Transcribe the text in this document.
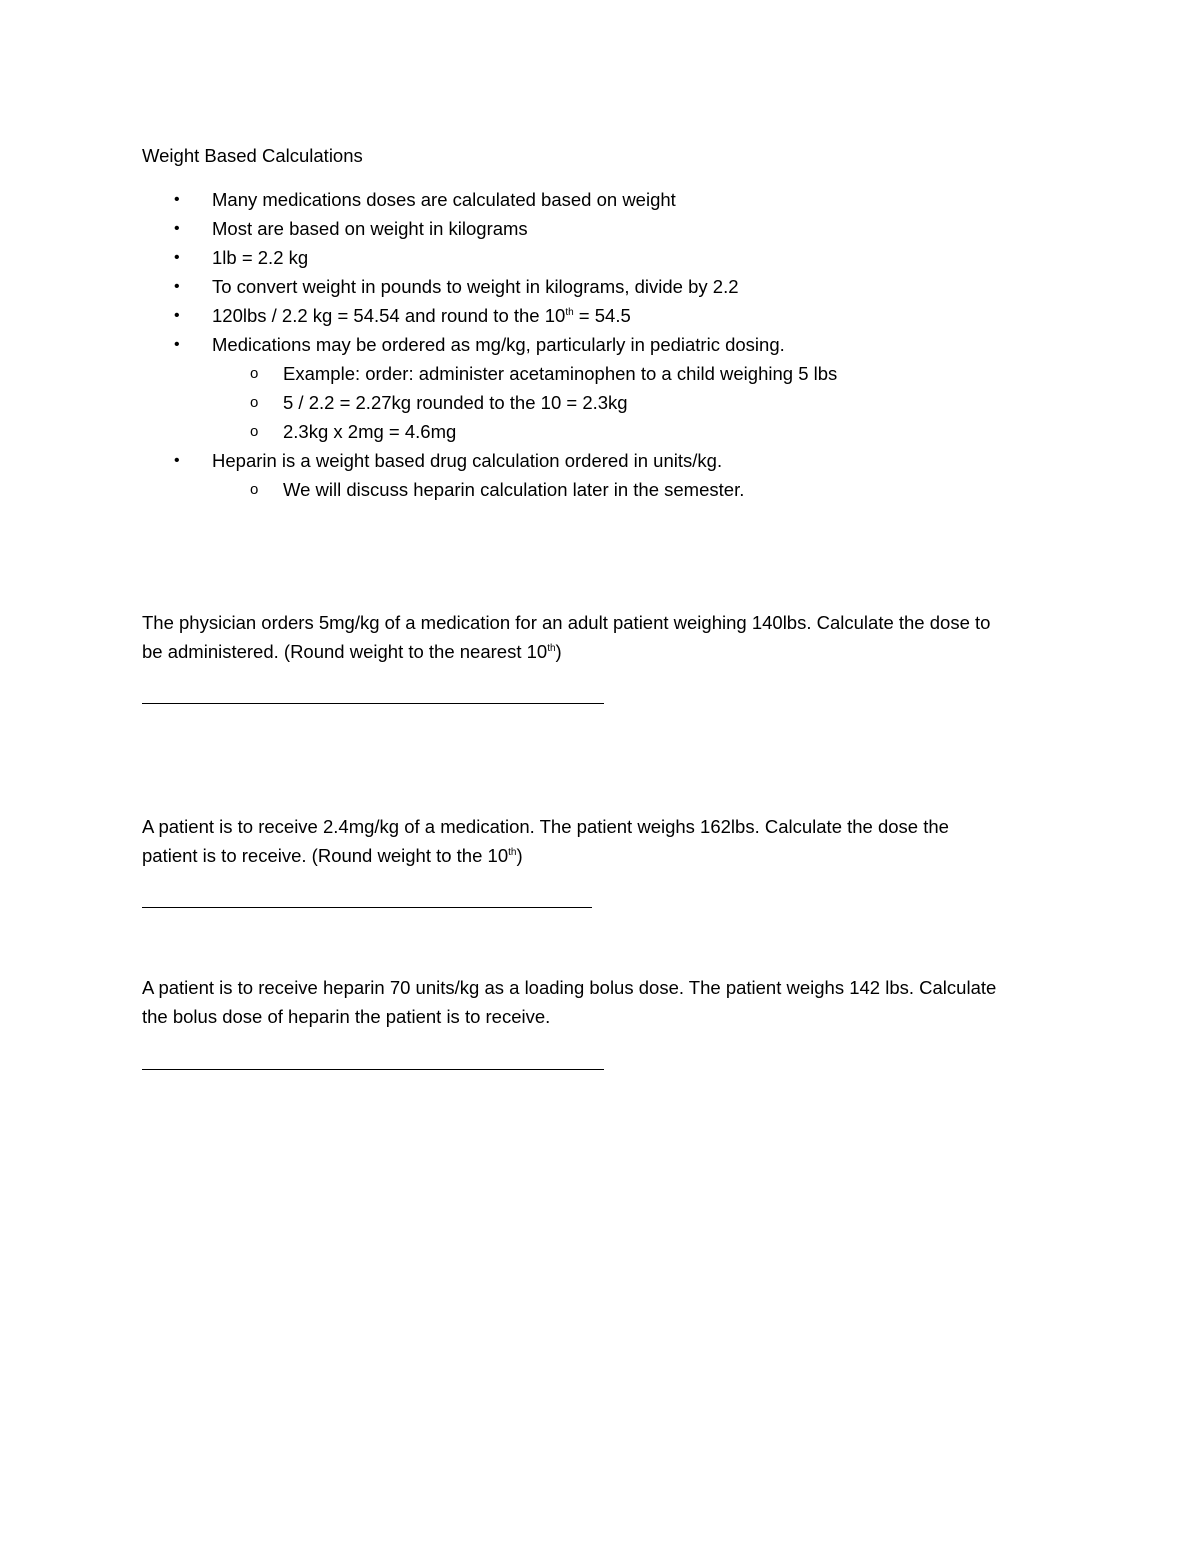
Weight Based Calculations
•	Many medications doses are calculated based on weight
•	Most are based on weight in kilograms
•	1lb = 2.2 kg
•	To convert weight in pounds to weight in kilograms, divide by 2.2
•	120lbs / 2.2 kg = 54.54 and round to the 10th = 54.5
•	Medications may be ordered as mg/kg, particularly in pediatric dosing.
o	Example: order: administer acetaminophen to a child weighing 5 lbs
o	5 / 2.2 = 2.27kg rounded to the 10 = 2.3kg
o	2.3kg x 2mg = 4.6mg
•	Heparin is a weight based drug calculation ordered in units/kg.
o	We will discuss heparin calculation later in the semester.
The physician orders 5mg/kg of a medication for an adult patient weighing 140lbs. Calculate the dose to
be administered. (Round weight to the nearest 10th)
A patient is to receive 2.4mg/kg of a medication. The patient weighs 162lbs. Calculate the dose the
patient is to receive. (Round weight to the 10th)
A patient is to receive heparin 70 units/kg as a loading bolus dose. The patient weighs 142 lbs. Calculate
the bolus dose of heparin the patient is to receive.
